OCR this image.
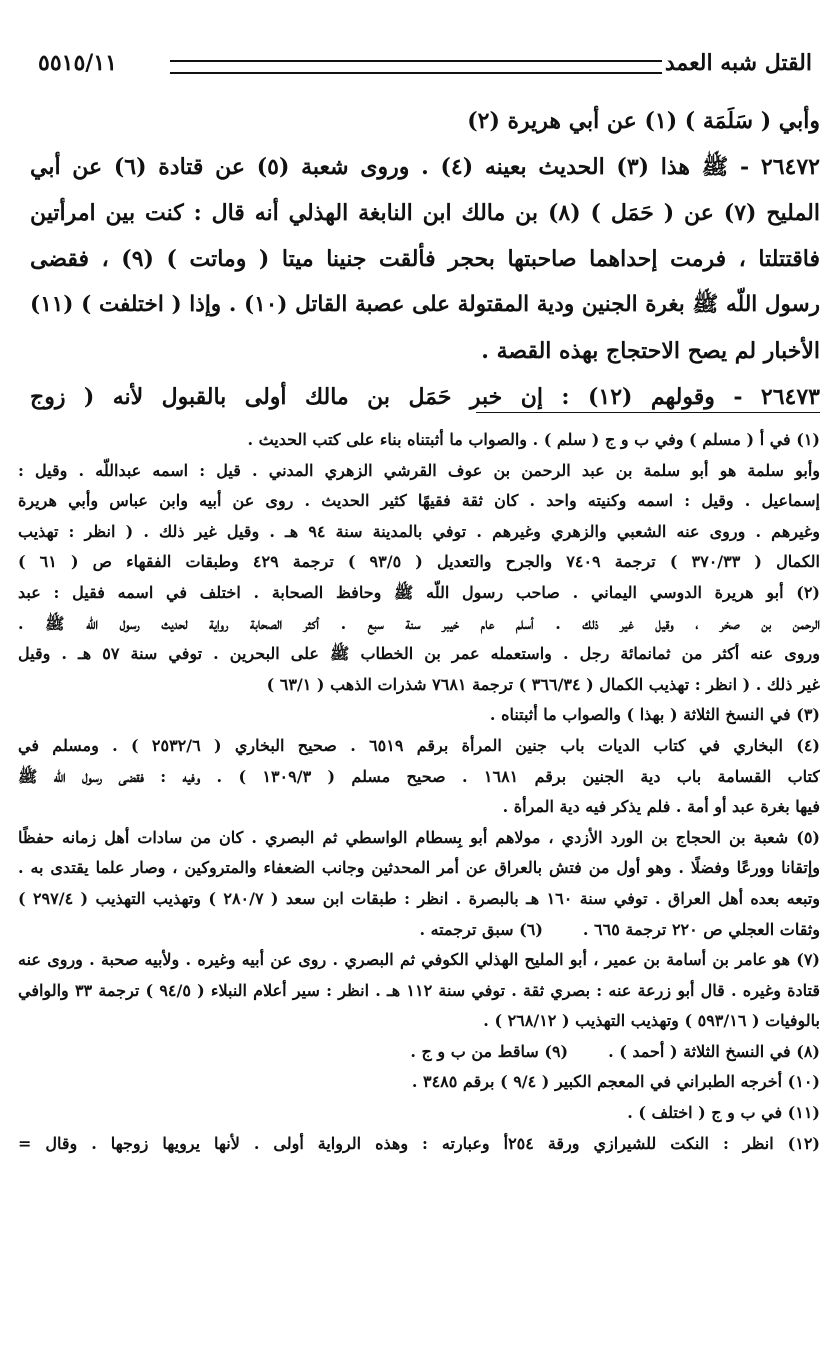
القتل شبه العمد
٥٥١٥/١١
وأبي ( سَلَمَة ) (١) عن أبي هريرة (٢)
٢٦٤٧٢ - ﷺ هذا (٣) الحديث بعينه (٤) . وروى شعبة (٥) عن قتادة (٦) عن أبي
المليح (٧) عن ( حَمَل ) (٨) بن مالك ابن النابغة الهذلي أنه قال : كنت بين امرأتين
فاقتتلتا ، فرمت إحداهما صاحبتها بحجر فألقت جنينا ميتا ( وماتت ) (٩) ، فقضى
رسول اللّه ﷺ بغرة الجنين ودية المقتولة على عصبة القاتل (١٠) . وإذا ( اختلفت ) (١١)
الأخبار لم يصح الاحتجاج بهذه القصة .
٢٦٤٧٣ - وقولهم (١٢) : إن خبر حَمَل بن مالك أولى بالقبول لأنه ( زوج
(١) في أ ( مسلم ) وفي ب و ج ( سلم ) . والصواب ما أثبتناه بناء على كتب الحديث .
وأبو سلمة هو أبو سلمة بن عبد الرحمن بن عوف القرشي الزهري المدني . قيل : اسمه عبداللّه . وقيل :
إسماعيل . وقيل : اسمه وكنيته واحد . كان ثقة فقيهًا كثير الحديث . روى عن أبيه وابن عباس وأبي هريرة
وغيرهم . وروى عنه الشعبي والزهري وغيرهم . توفي بالمدينة سنة ٩٤ هـ . وقيل غير ذلك . ( انظر : تهذيب
الكمال ( ٣٧٠/٣٣ ) ترجمة ٧٤٠٩ والجرح والتعديل ( ٩٣/٥ ) ترجمة ٤٢٩ وطبقات الفقهاء ص ( ٦١ )
(٢) أبو هريرة الدوسي اليماني . صاحب رسول اللّه ﷺ وحافظ الصحابة . اختلف في اسمه فقيل : عبد
الرحمن بن صخر ، وقيل غير ذلك . أسلم عام خيبر سنة سبع . أكثر الصحابة رواية لحديث رسول اللّه ﷺ .
وروى عنه أكثر من ثمانمائة رجل . واستعمله عمر بن الخطاب ﷺ على البحرين . توفي سنة ٥٧ هـ . وقيل
غير ذلك . ( انظر : تهذيب الكمال ( ٣٦٦/٣٤ ) ترجمة ٧٦٨١ شذرات الذهب ( ٦٣/١ )
(٣) في النسخ الثلاثة ( بهذا ) والصواب ما أثبتناه .
(٤) البخاري في كتاب الديات باب جنين المرأة برقم ٦٥١٩ . صحيح البخاري ( ٢٥٣٢/٦ ) . ومسلم في
كتاب القسامة باب دية الجنين برقم ١٦٨١ . صحيح مسلم ( ١٣٠٩/٣ ) . وفيه : فقضى رسول اللّه ﷺ
فيها بغرة عبد أو أمة . فلم يذكر فيه دية المرأة .
(٥) شعبة بن الحجاج بن الورد الأزدي ، مولاهم أبو بِسطام الواسطي ثم البصري . كان من سادات أهل زمانه حفظًا
وإتقانا وورعًا وفضلًا . وهو أول من فتش بالعراق عن أمر المحدثين وجانب الضعفاء والمتروكين ، وصار علما يقتدى به .
وتبعه بعده أهل العراق . توفي سنة ١٦٠ هـ بالبصرة . انظر : طبقات ابن سعد ( ٢٨٠/٧ ) وتهذيب التهذيب ( ٢٩٧/٤ )
وثقات العجلي ص ٢٢٠ ترجمة ٦٦٥ .
(٦) سبق ترجمته .
(٧) هو عامر بن أسامة بن عمير ، أبو المليح الهذلي الكوفي ثم البصري . روى عن أبيه وغيره . ولأبيه صحبة . وروى عنه
قتادة وغيره . قال أبو زرعة عنه : بصري ثقة . توفي سنة ١١٢ هـ . انظر : سير أعلام النبلاء ( ٩٤/٥ ) ترجمة ٣٣ والوافي
بالوفيات ( ٥٩٣/١٦ ) وتهذيب التهذيب ( ٢٦٨/١٢ ) .
(٨) في النسخ الثلاثة ( أحمد ) .
(٩) ساقط من ب و ج .
(١٠) أخرجه الطبراني في المعجم الكبير ( ٩/٤ ) برقم ٣٤٨٥ .
(١١) في ب و ج ( اختلف ) .
(١٢) انظر : النكت للشيرازي ورقة ٢٥٤أ وعبارته : وهذه الرواية أولى . لأنها يرويها زوجها . وقال =
